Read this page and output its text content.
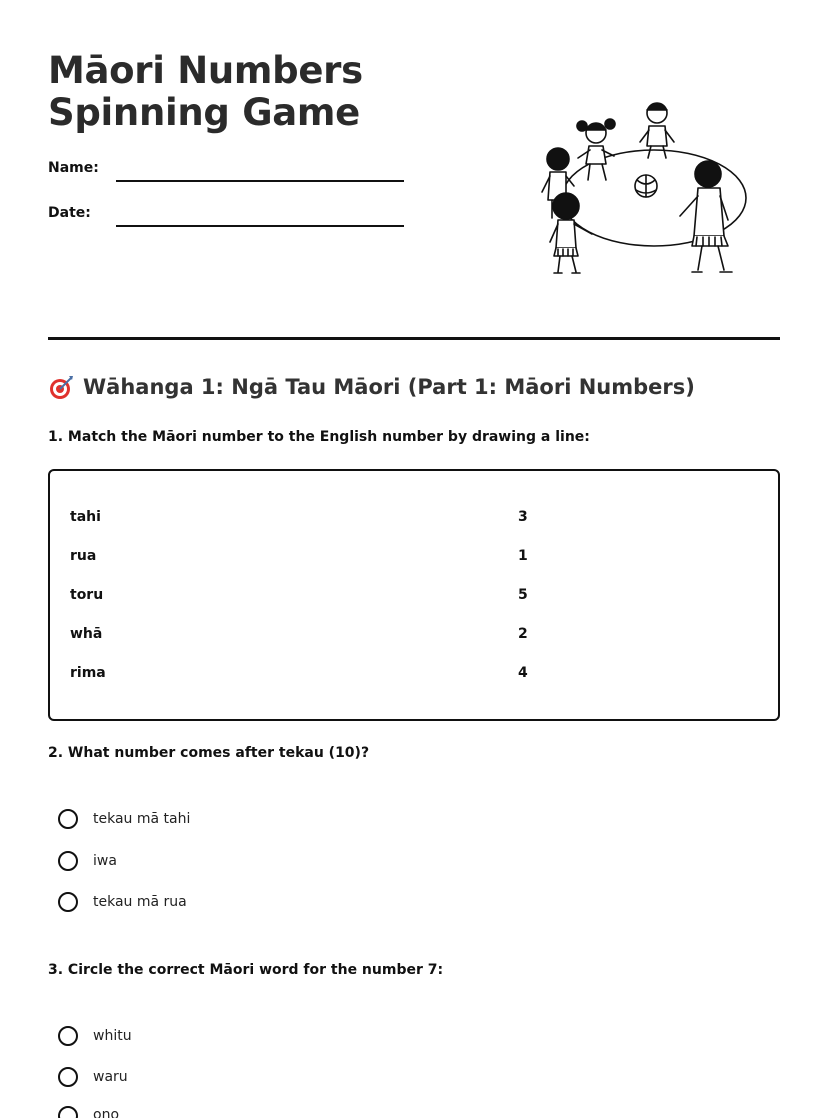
Māori Numbers
Spinning Game
Name:
Date:
Wāhanga 1: Ngā Tau Māori (Part 1: Māori Numbers)

1. Match the Māori number to the English number by drawing a line:

tahi	3
rua	1
toru	5
whā	2
rima	4

2. What number comes after tekau (10)?

tekau mā tahi
iwa
tekau mā rua

3. Circle the correct Māori word for the number 7:

whitu
waru
ono
